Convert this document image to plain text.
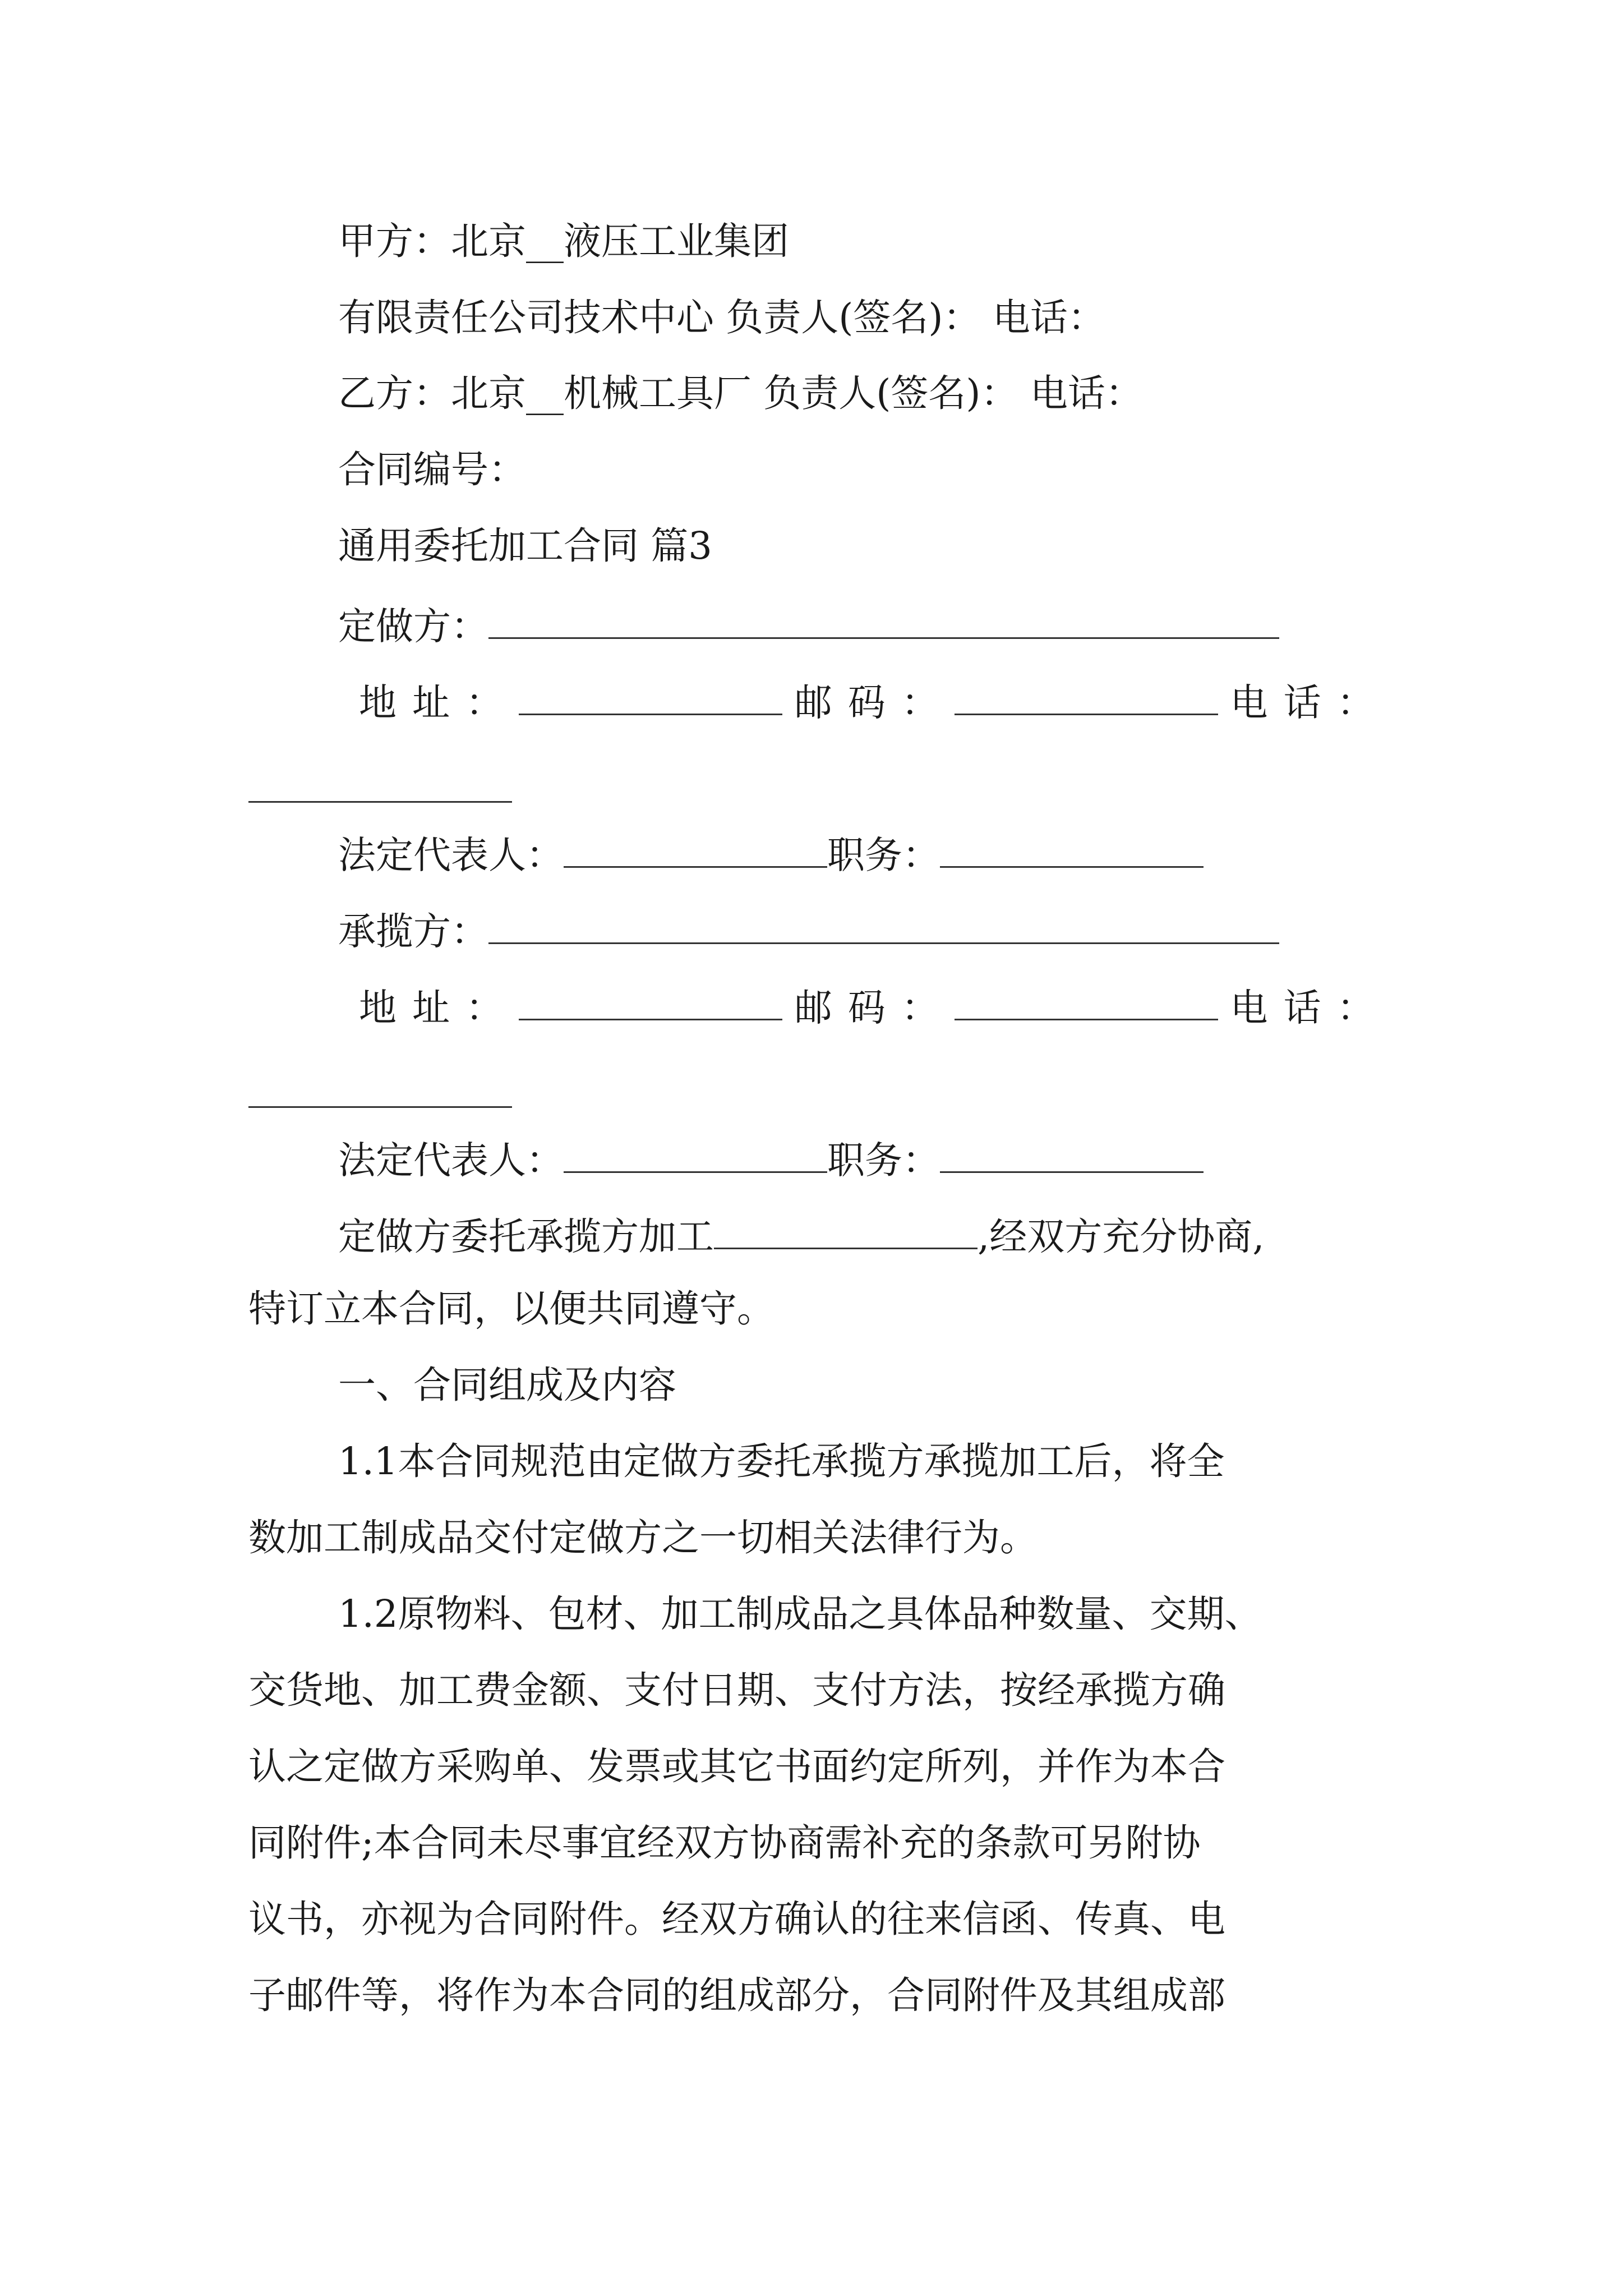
甲方：北京__液压工业集团
有限责任公司技术中心 负责人(签名)： 电话：
乙方：北京__机械工具厂 负责人(签名)： 电话：
合同编号：
通用委托加工合同 篇3
定做方：
地址：	邮码：	电话：
法定代表人：	职务：
承揽方：
地址：	邮码：	电话：
法定代表人：	职务：
定做方委托承揽方加工	,经双方充分协商,
特订立本合同，以便共同遵守。
一、合同组成及内容
1.1本合同规范由定做方委托承揽方承揽加工后，将全
数加工制成品交付定做方之一切相关法律行为。
1.2原物料、包材、加工制成品之具体品种数量、交期、
交货地、加工费金额、支付日期、支付方法，按经承揽方确
认之定做方采购单、发票或其它书面约定所列，并作为本合
同附件;本合同未尽事宜经双方协商需补充的条款可另附协
议书，亦视为合同附件。经双方确认的往来信函、传真、电
子邮件等，将作为本合同的组成部分，合同附件及其组成部
